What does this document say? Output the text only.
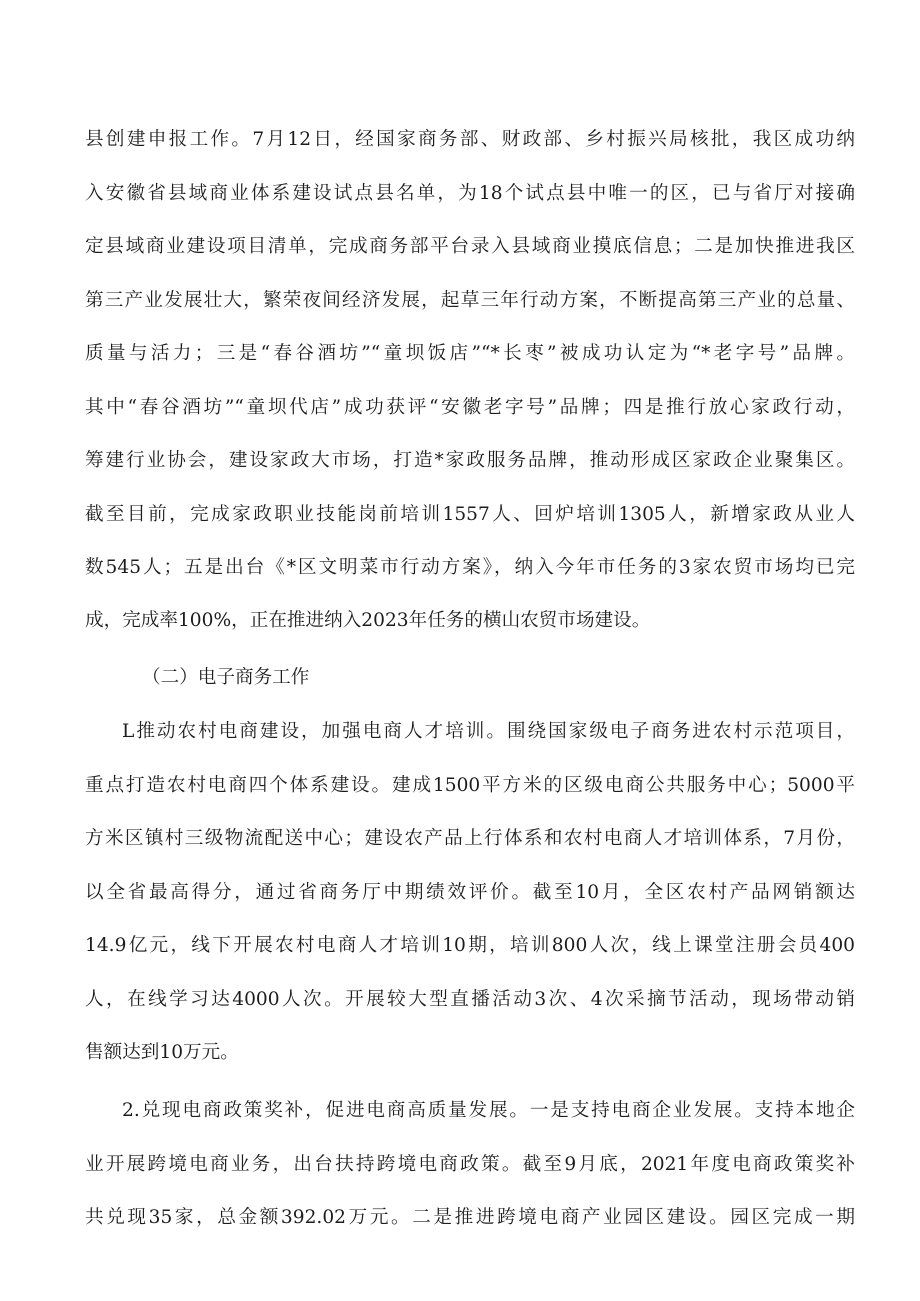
县创建申报工作。7月12日，经国家商务部、财政部、乡村振兴局核批，我区成功纳
入安徽省县域商业体系建设试点县名单，为18个试点县中唯一的区，已与省厅对接确
定县域商业建设项目清单，完成商务部平台录入县域商业摸底信息；二是加快推进我区
第三产业发展壮大，繁荣夜间经济发展，起草三年行动方案，不断提高第三产业的总量、
质量与活力；三是“春谷酒坊”“童坝饭店”“*长枣”被成功认定为“*老字号”品牌。
其中“春谷酒坊”“童坝代店”成功获评“安徽老字号”品牌；四是推行放心家政行动，
筹建行业协会，建设家政大市场，打造*家政服务品牌，推动形成区家政企业聚集区。
截至目前，完成家政职业技能岗前培训1557人、回炉培训1305人，新增家政从业人
数545人；五是出台《*区文明菜市行动方案》，纳入今年市任务的3家农贸市场均已完
成，完成率100%，正在推进纳入2023年任务的横山农贸市场建设。
（二）电子商务工作
L推动农村电商建设，加强电商人才培训。围绕国家级电子商务进农村示范项目，
重点打造农村电商四个体系建设。建成1500平方米的区级电商公共服务中心；5000平
方米区镇村三级物流配送中心；建设农产品上行体系和农村电商人才培训体系，7月份，
以全省最高得分，通过省商务厅中期绩效评价。截至10月，全区农村产品网销额达
14.9亿元，线下开展农村电商人才培训10期，培训800人次，线上课堂注册会员400
人，在线学习达4000人次。开展较大型直播活动3次、4次采摘节活动，现场带动销
售额达到10万元。
2.兑现电商政策奖补，促进电商高质量发展。一是支持电商企业发展。支持本地企
业开展跨境电商业务，出台扶持跨境电商政策。截至9月底，2021年度电商政策奖补
共兑现35家，总金额392.02万元。二是推进跨境电商产业园区建设。园区完成一期
